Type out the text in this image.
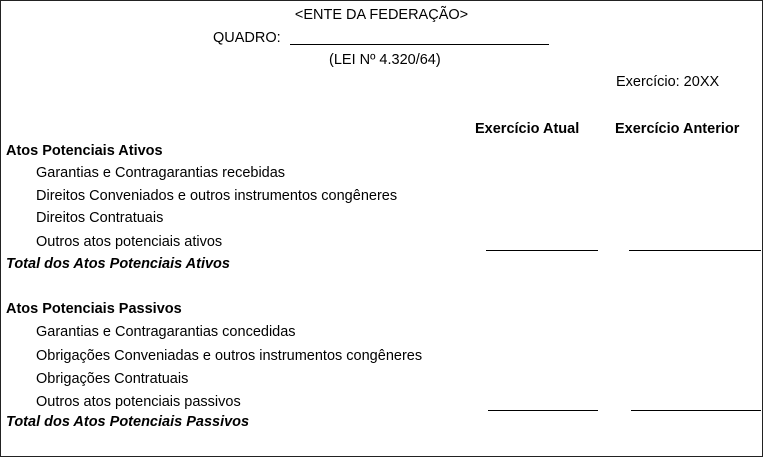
<ENTE DA FEDERAÇÃO>
QUADRO:
(LEI Nº 4.320/64)
Exercício: 20XX
Exercício Atual Exercício Anterior
Atos Potenciais Ativos
Garantias e Contragarantias recebidas
Direitos Conveniados e outros instrumentos congêneres
Direitos Contratuais
Outros atos potenciais ativos
Total dos Atos Potenciais Ativos
Atos Potenciais Passivos
Garantias e Contragarantias concedidas
Obrigações Conveniadas e outros instrumentos congêneres
Obrigações Contratuais
Outros atos potenciais passivos
Total dos Atos Potenciais Passivos
